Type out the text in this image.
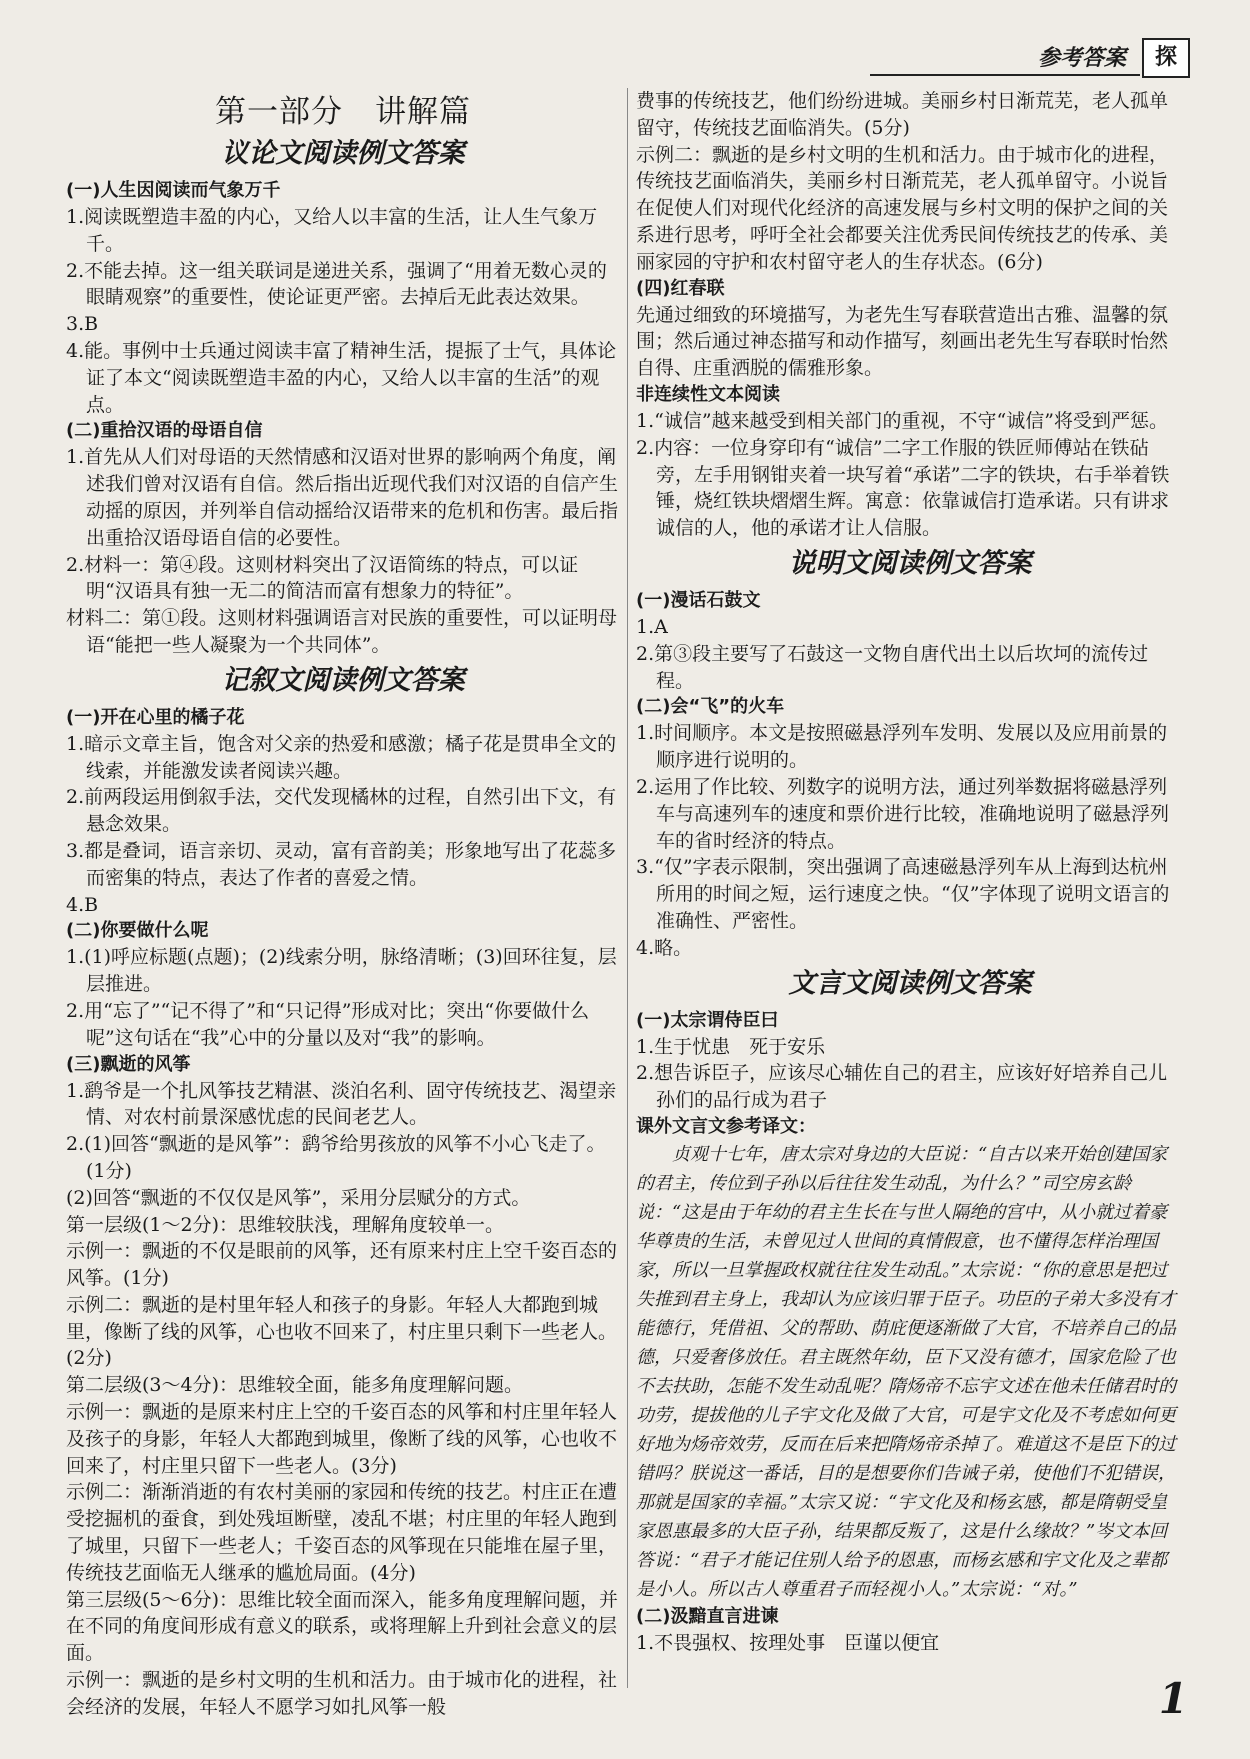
参考答案	探
第一部分　讲解篇
议论文阅读例文答案
(一)人生因阅读而气象万千

1.阅读既塑造丰盈的内心，又给人以丰富的生活，让人生气象万千。

2.不能去掉。这一组关联词是递进关系，强调了“用着无数心灵的眼睛观察”的重要性，使论证更严密。去掉后无此表达效果。

3.B

4.能。事例中士兵通过阅读丰富了精神生活，提振了士气，具体论证了本文“阅读既塑造丰盈的内心，又给人以丰富的生活”的观点。

(二)重拾汉语的母语自信

1.首先从人们对母语的天然情感和汉语对世界的影响两个角度，阐述我们曾对汉语有自信。然后指出近现代我们对汉语的自信产生动摇的原因，并列举自信动摇给汉语带来的危机和伤害。最后指出重拾汉语母语自信的必要性。

2.材料一：第④段。这则材料突出了汉语简练的特点，可以证明“汉语具有独一无二的简洁而富有想象力的特征”。

材料二：第①段。这则材料强调语言对民族的重要性，可以证明母语“能把一些人凝聚为一个共同体”。

记叙文阅读例文答案
(一)开在心里的橘子花

1.暗示文章主旨，饱含对父亲的热爱和感激；橘子花是贯串全文的线索，并能激发读者阅读兴趣。

2.前两段运用倒叙手法，交代发现橘林的过程，自然引出下文，有悬念效果。

3.都是叠词，语言亲切、灵动，富有音韵美；形象地写出了花蕊多而密集的特点，表达了作者的喜爱之情。

4.B

(二)你要做什么呢

1.(1)呼应标题(点题)；(2)线索分明，脉络清晰；(3)回环往复，层层推进。

2.用“忘了”“记不得了”和“只记得”形成对比；突出“你要做什么呢”这句话在“我”心中的分量以及对“我”的影响。

(三)飘逝的风筝

1.鹞爷是一个扎风筝技艺精湛、淡泊名利、固守传统技艺、渴望亲情、对农村前景深感忧虑的民间老艺人。

2.(1)回答“飘逝的是风筝”：鹞爷给男孩放的风筝不小心飞走了。(1分)

(2)回答“飘逝的不仅仅是风筝”，采用分层赋分的方式。

第一层级(1～2分)：思维较肤浅，理解角度较单一。

示例一：飘逝的不仅是眼前的风筝，还有原来村庄上空千姿百态的风筝。(1分)

示例二：飘逝的是村里年轻人和孩子的身影。年轻人大都跑到城里，像断了线的风筝，心也收不回来了，村庄里只剩下一些老人。(2分)

第二层级(3～4分)：思维较全面，能多角度理解问题。

示例一：飘逝的是原来村庄上空的千姿百态的风筝和村庄里年轻人及孩子的身影，年轻人大都跑到城里，像断了线的风筝，心也收不回来了，村庄里只留下一些老人。(3分)

示例二：渐渐消逝的有农村美丽的家园和传统的技艺。村庄正在遭受挖掘机的蚕食，到处残垣断壁，凌乱不堪；村庄里的年轻人跑到了城里，只留下一些老人；千姿百态的风筝现在只能堆在屋子里，传统技艺面临无人继承的尴尬局面。(4分)

第三层级(5～6分)：思维比较全面而深入，能多角度理解问题，并在不同的角度间形成有意义的联系，或将理解上升到社会意义的层面。

示例一：飘逝的是乡村文明的生机和活力。由于城市化的进程，社会经济的发展，年轻人不愿学习如扎风筝一般

费事的传统技艺，他们纷纷进城。美丽乡村日渐荒芜，老人孤单留守，传统技艺面临消失。(5分)

示例二：飘逝的是乡村文明的生机和活力。由于城市化的进程，传统技艺面临消失，美丽乡村日渐荒芜，老人孤单留守。小说旨在促使人们对现代化经济的高速发展与乡村文明的保护之间的关系进行思考，呼吁全社会都要关注优秀民间传统技艺的传承、美丽家园的守护和农村留守老人的生存状态。(6分)

(四)红春联

先通过细致的环境描写，为老先生写春联营造出古雅、温馨的氛围；然后通过神态描写和动作描写，刻画出老先生写春联时怡然自得、庄重洒脱的儒雅形象。

非连续性文本阅读

1.“诚信”越来越受到相关部门的重视，不守“诚信”将受到严惩。

2.内容：一位身穿印有“诚信”二字工作服的铁匠师傅站在铁砧旁，左手用钢钳夹着一块写着“承诺”二字的铁块，右手举着铁锤，烧红铁块熠熠生辉。寓意：依靠诚信打造承诺。只有讲求诚信的人，他的承诺才让人信服。

说明文阅读例文答案
(一)漫话石鼓文

1.A

2.第③段主要写了石鼓这一文物自唐代出土以后坎坷的流传过程。

(二)会“飞”的火车

1.时间顺序。本文是按照磁悬浮列车发明、发展以及应用前景的顺序进行说明的。

2.运用了作比较、列数字的说明方法，通过列举数据将磁悬浮列车与高速列车的速度和票价进行比较，准确地说明了磁悬浮列车的省时经济的特点。

3.“仅”字表示限制，突出强调了高速磁悬浮列车从上海到达杭州所用的时间之短，运行速度之快。“仅”字体现了说明文语言的准确性、严密性。

4.略。

文言文阅读例文答案
(一)太宗谓侍臣曰

1.生于忧患　死于安乐

2.想告诉臣子，应该尽心辅佐自己的君主，应该好好培养自己儿孙们的品行成为君子

课外文言文参考译文：

贞观十七年，唐太宗对身边的大臣说：“自古以来开始创建国家的君主，传位到子孙以后往往发生动乱，为什么？”司空房玄龄说：“这是由于年幼的君主生长在与世人隔绝的宫中，从小就过着豪华尊贵的生活，未曾见过人世间的真情假意，也不懂得怎样治理国家，所以一旦掌握政权就往往发生动乱。”太宗说：“你的意思是把过失推到君主身上，我却认为应该归罪于臣子。功臣的子弟大多没有才能德行，凭借祖、父的帮助、荫庇便逐渐做了大官，不培养自己的品德，只爱奢侈放任。君主既然年幼，臣下又没有德才，国家危险了也不去扶助，怎能不发生动乱呢？隋炀帝不忘宇文述在他未任储君时的功劳，提拔他的儿子宇文化及做了大官，可是宇文化及不考虑如何更好地为炀帝效劳，反而在后来把隋炀帝杀掉了。难道这不是臣下的过错吗？朕说这一番话，目的是想要你们告诫子弟，使他们不犯错误，那就是国家的幸福。”太宗又说：“宇文化及和杨玄感，都是隋朝受皇家恩惠最多的大臣子孙，结果都反叛了，这是什么缘故？”岑文本回答说：“君子才能记住别人给予的恩惠，而杨玄感和宇文化及之辈都是小人。所以古人尊重君子而轻视小人。”太宗说：“对。”

(二)汲黯直言进谏

1.不畏强权、按理处事　臣谨以便宜

1
